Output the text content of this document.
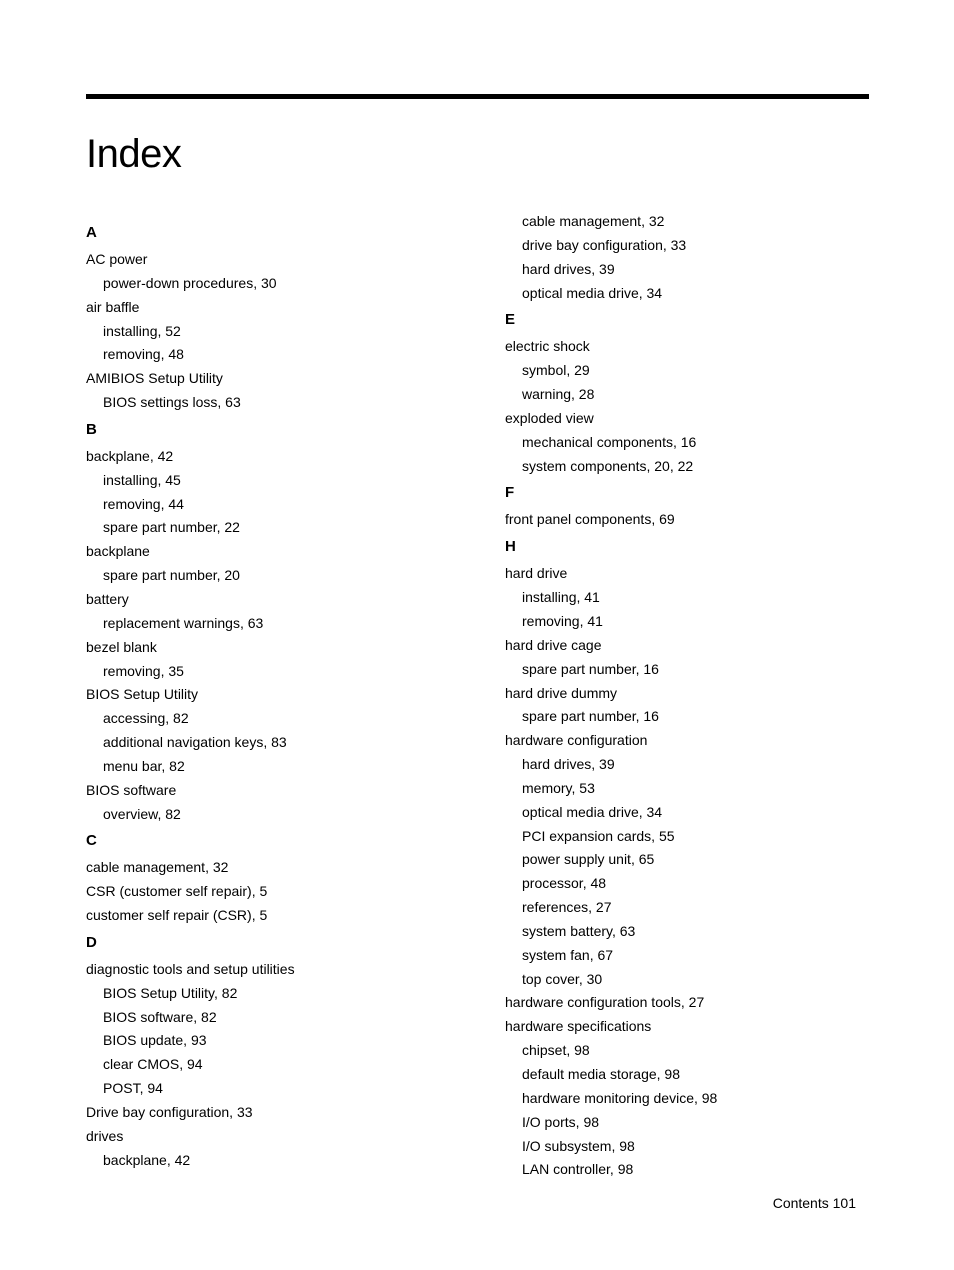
Index
A
AC power
power-down procedures, 30
air baffle
installing, 52
removing, 48
AMIBIOS Setup Utility
BIOS settings loss, 63
B
backplane, 42
installing, 45
removing, 44
spare part number, 22
backplane
spare part number, 20
battery
replacement warnings, 63
bezel blank
removing, 35
BIOS Setup Utility
accessing, 82
additional navigation keys, 83
menu bar, 82
BIOS software
overview, 82
C
cable management, 32
CSR (customer self repair), 5
customer self repair (CSR), 5
D
diagnostic tools and setup utilities
BIOS Setup Utility, 82
BIOS software, 82
BIOS update, 93
clear CMOS, 94
POST, 94
Drive bay configuration, 33
drives
backplane, 42
cable management, 32
drive bay configuration, 33
hard drives, 39
optical media drive, 34
E
electric shock
symbol, 29
warning, 28
exploded view
mechanical components, 16
system components, 20, 22
F
front panel components, 69
H
hard drive
installing, 41
removing, 41
hard drive cage
spare part number, 16
hard drive dummy
spare part number, 16
hardware configuration
hard drives, 39
memory, 53
optical media drive, 34
PCI expansion cards, 55
power supply unit, 65
processor, 48
references, 27
system battery, 63
system fan, 67
top cover, 30
hardware configuration tools, 27
hardware specifications
chipset, 98
default media storage, 98
hardware monitoring device, 98
I/O ports, 98
I/O subsystem, 98
LAN controller, 98
Contents 101
